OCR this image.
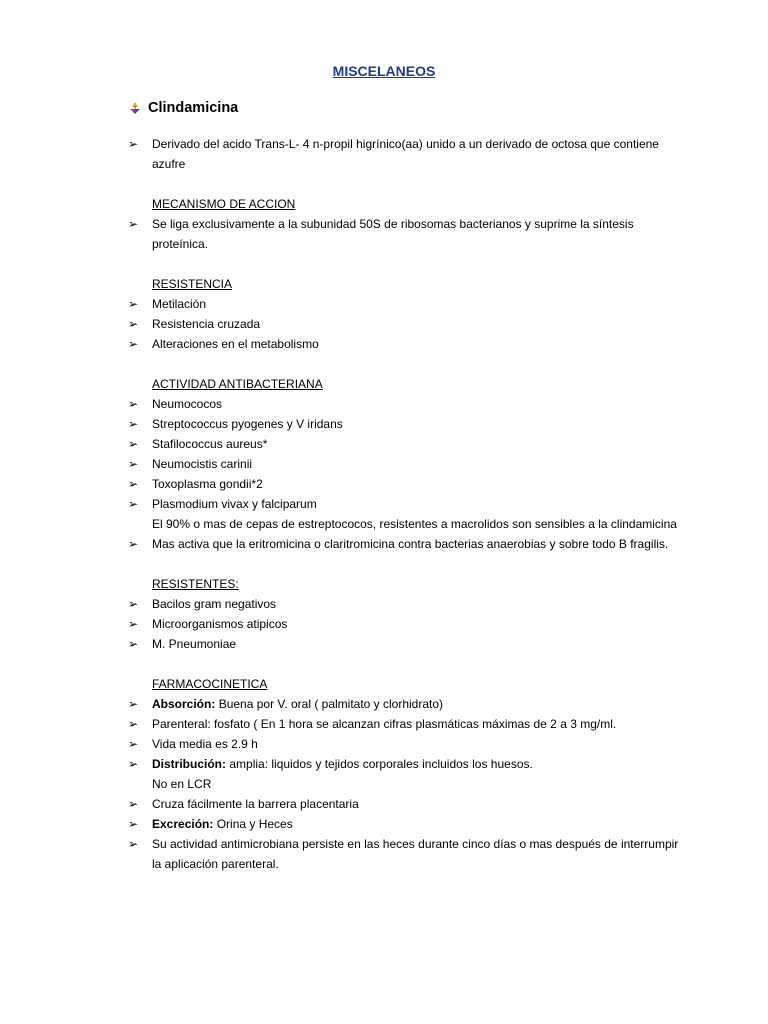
MISCELANEOS
Clindamicina
➢ Derivado del acido Trans-L- 4 n-propil higrínico(aa) unido a un derivado de octosa que contiene azufre
MECANISMO DE ACCION
➢ Se liga exclusivamente a la subunidad 50S de ribosomas bacterianos y suprime la síntesis proteínica.
RESISTENCIA
➢ Metilación
➢ Resistencia cruzada
➢ Alteraciones en el metabolismo
ACTIVIDAD ANTIBACTERIANA
➢ Neumococos
➢ Streptococcus pyogenes y V iridans
➢ Stafilococcus aureus*
➢ Neumocistis carinii
➢ Toxoplasma gondii*2
➢ Plasmodium vivax y falciparum
El 90% o mas de cepas de estreptococos, resistentes a macrolidos son sensibles a la clindamicina
➢ Mas activa que la eritromicina o claritromicina contra bacterias anaerobias y sobre todo B fragilis.
RESISTENTES:
➢ Bacilos gram negativos
➢ Microorganismos atipicos
➢ M. Pneumoniae
FARMACOCINETICA
➢ Absorción: Buena por V. oral ( palmitato y clorhidrato)
➢ Parenteral: fosfato ( En 1 hora se alcanzan cifras plasmáticas máximas de 2 a 3 mg/ml.
➢ Vida media es 2.9 h
➢ Distribución: amplia: liquidos y tejidos corporales incluidos los huesos.
No en LCR
➢ Cruza fácilmente la barrera placentaria
➢ Excreción: Orina y Heces
➢ Su actividad antimicrobiana persiste en las heces durante cinco días o mas después de interrumpir la aplicación parenteral.
